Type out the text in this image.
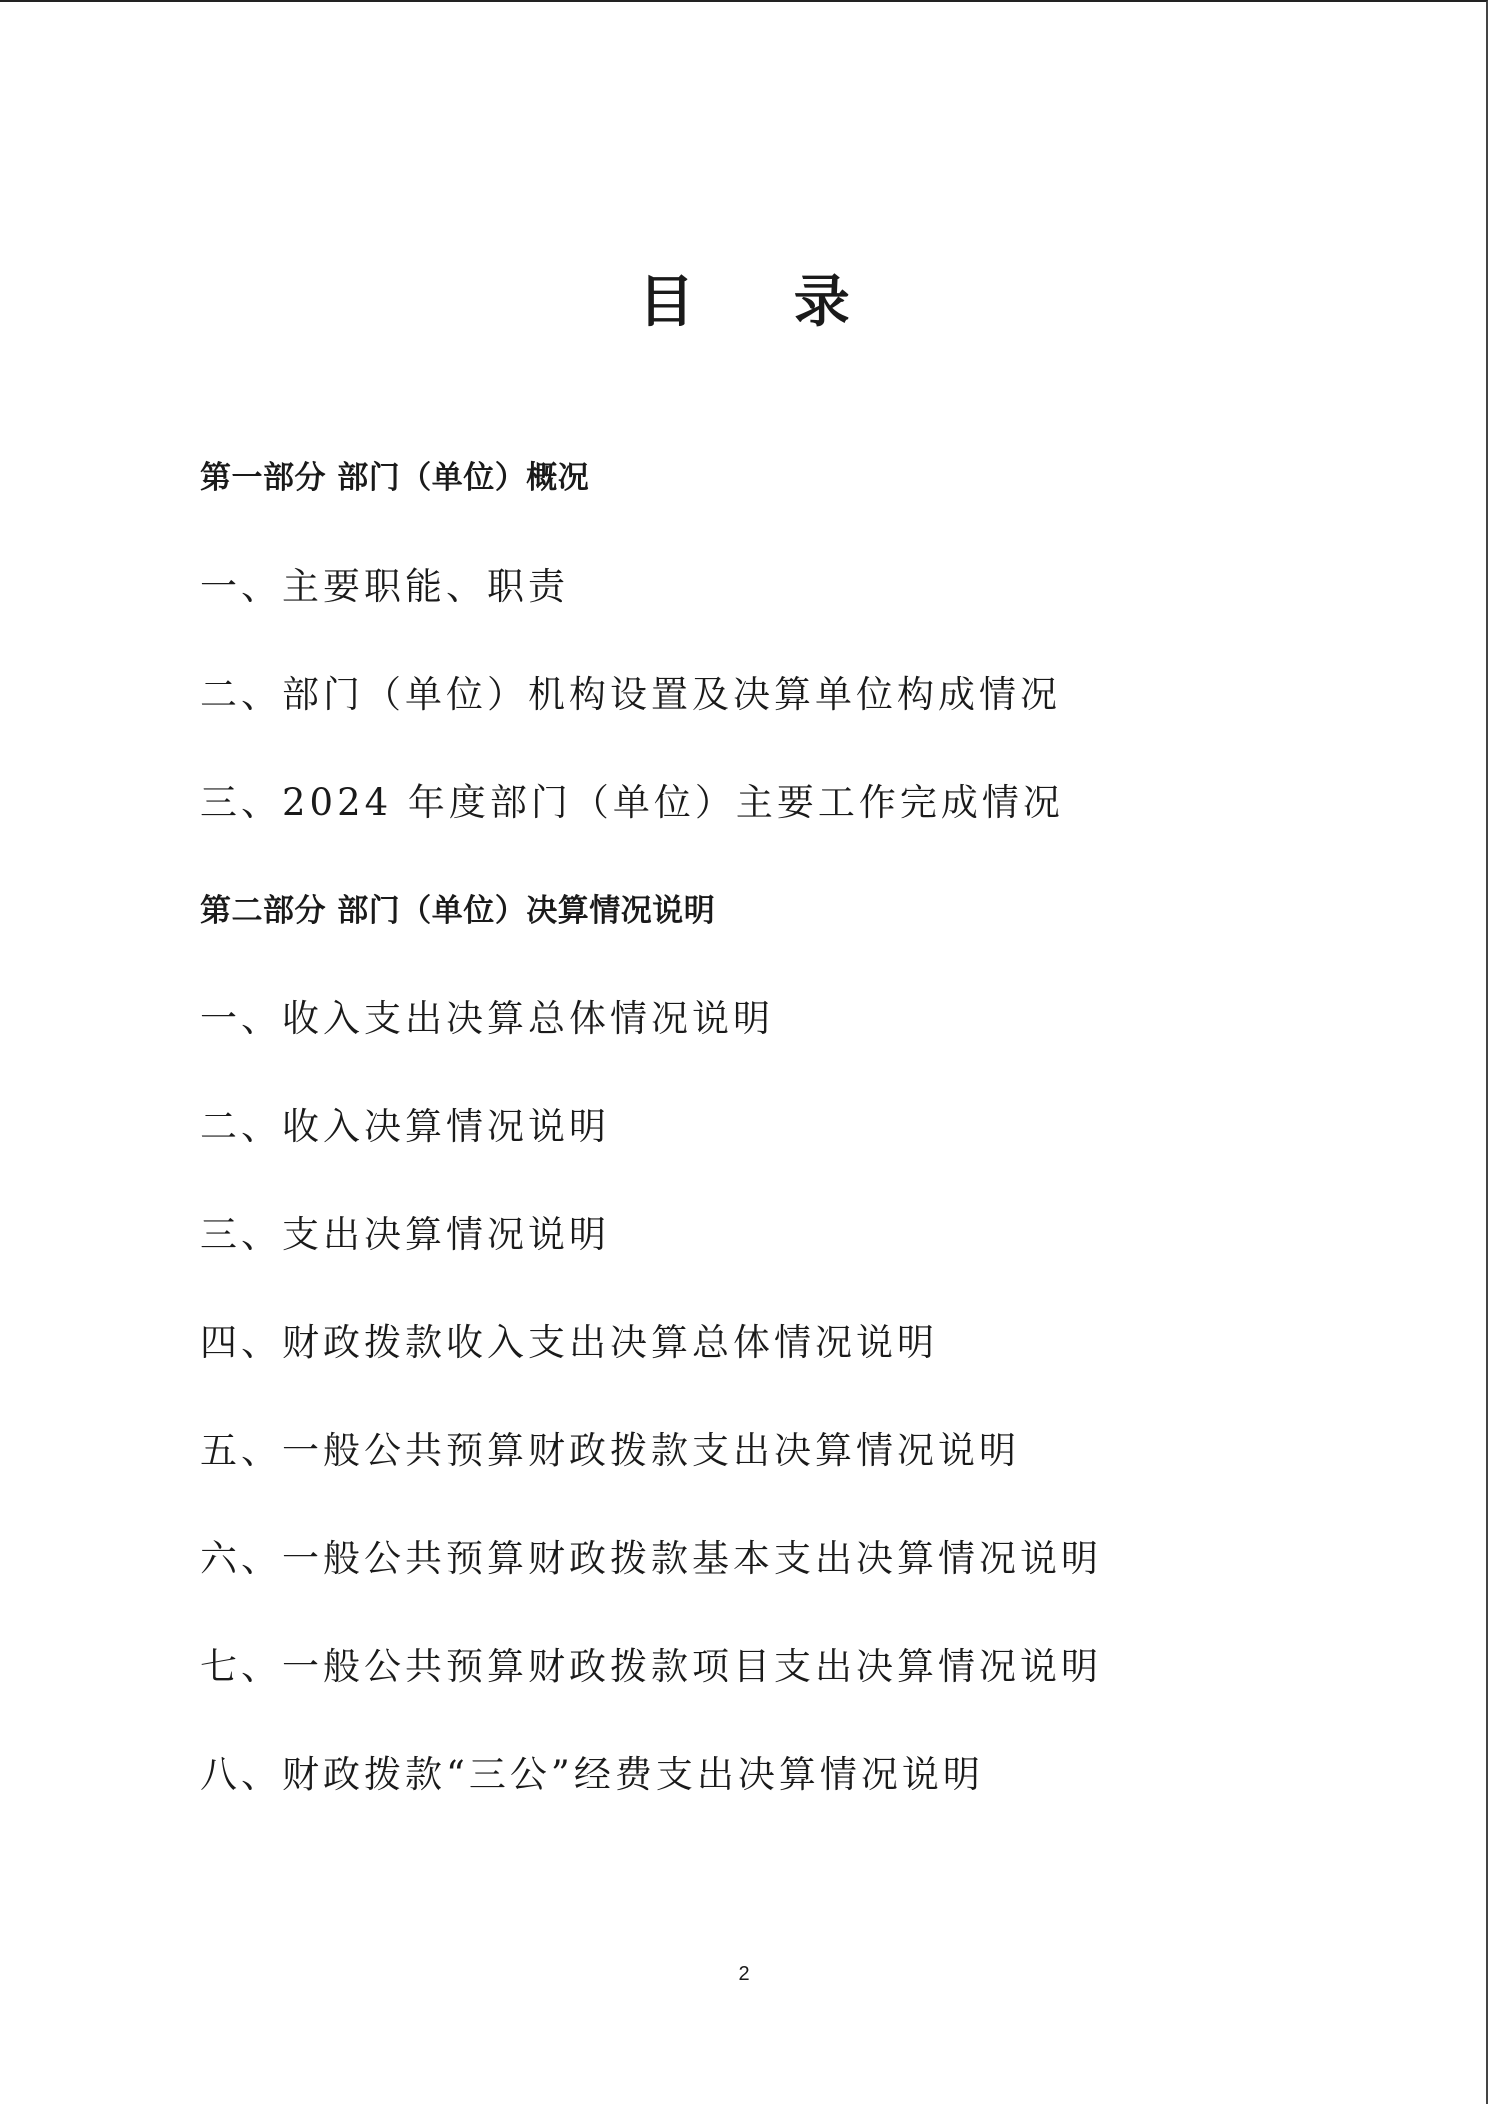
目 录
第一部分 部门（单位）概况
一、主要职能、职责
二、部门（单位）机构设置及决算单位构成情况
三、2024 年度部门（单位）主要工作完成情况
第二部分 部门（单位）决算情况说明
一、收入支出决算总体情况说明
二、收入决算情况说明
三、支出决算情况说明
四、财政拨款收入支出决算总体情况说明
五、一般公共预算财政拨款支出决算情况说明
六、一般公共预算财政拨款基本支出决算情况说明
七、一般公共预算财政拨款项目支出决算情况说明
八、财政拨款“三公”经费支出决算情况说明
2
